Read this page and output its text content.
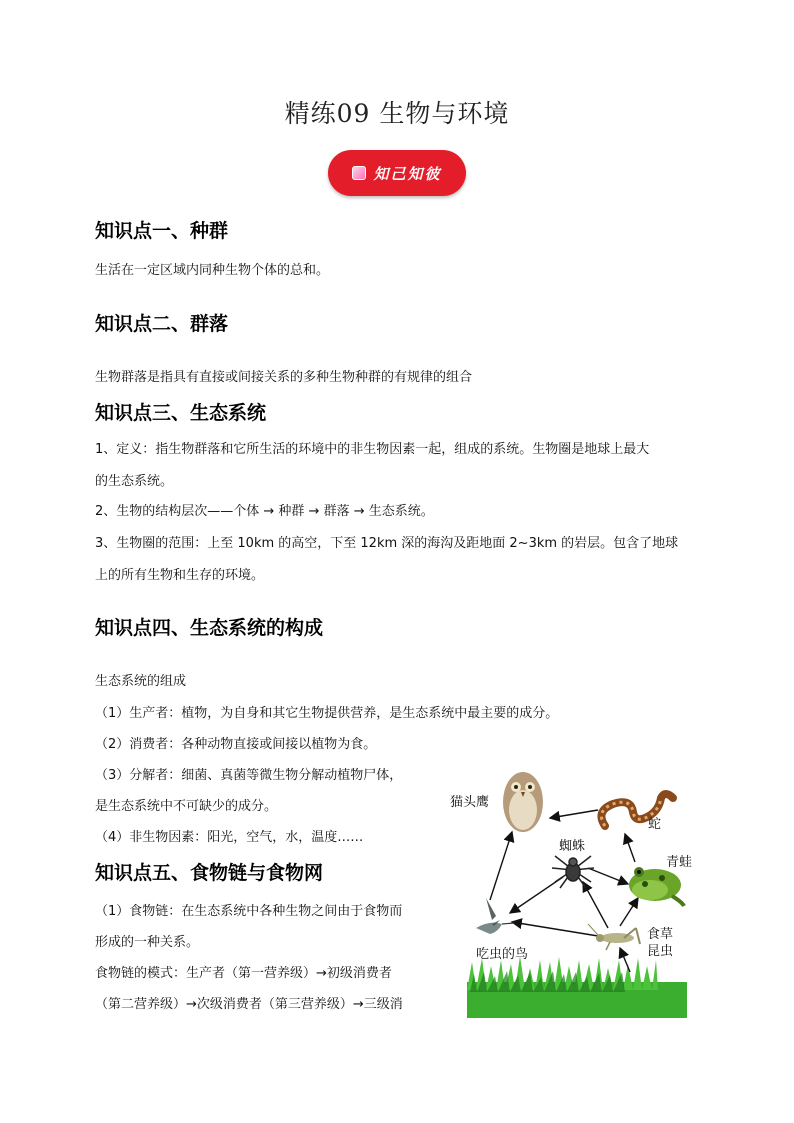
精练09 生物与环境
知己知彼
知识点一、种群
生活在一定区域内同种生物个体的总和。
知识点二、群落
生物群落是指具有直接或间接关系的多种生物种群的有规律的组合
知识点三、生态系统
1、定义：指生物群落和它所生活的环境中的非生物因素一起，组成的系统。生物圈是地球上最大
的生态系统。
2、生物的结构层次——个体 → 种群 → 群落 → 生态系统。
3、生物圈的范围：上至 10km 的高空，下至 12km 深的海沟及距地面 2~3km 的岩层。包含了地球
上的所有生物和生存的环境。
知识点四、生态系统的构成
生态系统的组成
（1）生产者：植物，为自身和其它生物提供营养，是生态系统中最主要的成分。
（2）消费者：各种动物直接或间接以植物为食。
（3）分解者：细菌、真菌等微生物分解动植物尸体，
是生态系统中不可缺少的成分。
（4）非生物因素：阳光，空气，水，温度……
知识点五、食物链与食物网
（1）食物链：在生态系统中各种生物之间由于食物而
形成的一种关系。
食物链的模式：生产者（第一营养级）→初级消费者
（第二营养级）→次级消费者（第三营养级）→三级消
猫头鹰
蛇
蜘蛛
青蛙
吃虫的鸟
食草
昆虫
